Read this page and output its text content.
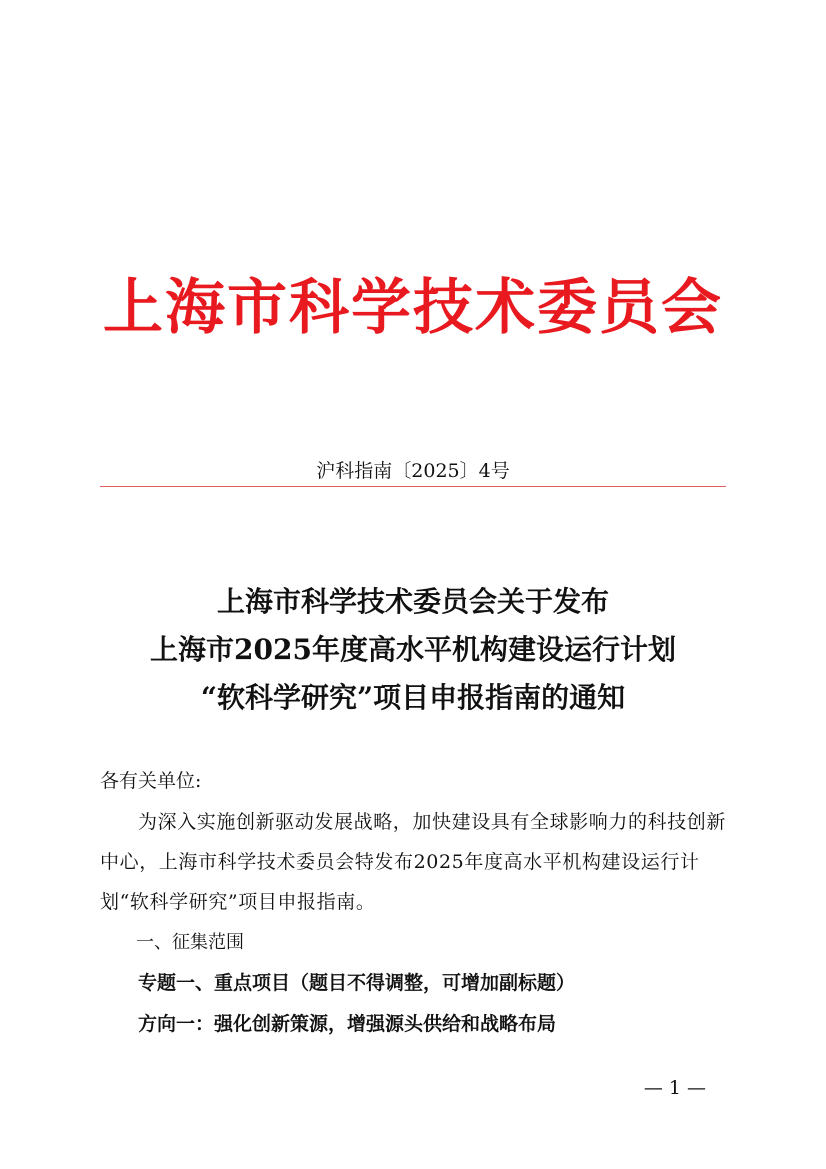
上海市科学技术委员会
沪科指南〔2025〕4号
上海市科学技术委员会关于发布
上海市2025年度高水平机构建设运行计划
“软科学研究”项目申报指南的通知

各有关单位:

为深入实施创新驱动发展战略，加快建设具有全球影响力的科技创新中心，上海市科学技术委员会特发布2025年度高水平机构建设运行计划“软科学研究”项目申报指南。

一、征集范围

专题一、重点项目（题目不得调整，可增加副标题）

方向一：强化创新策源，增强源头供给和战略布局

— 1 —
